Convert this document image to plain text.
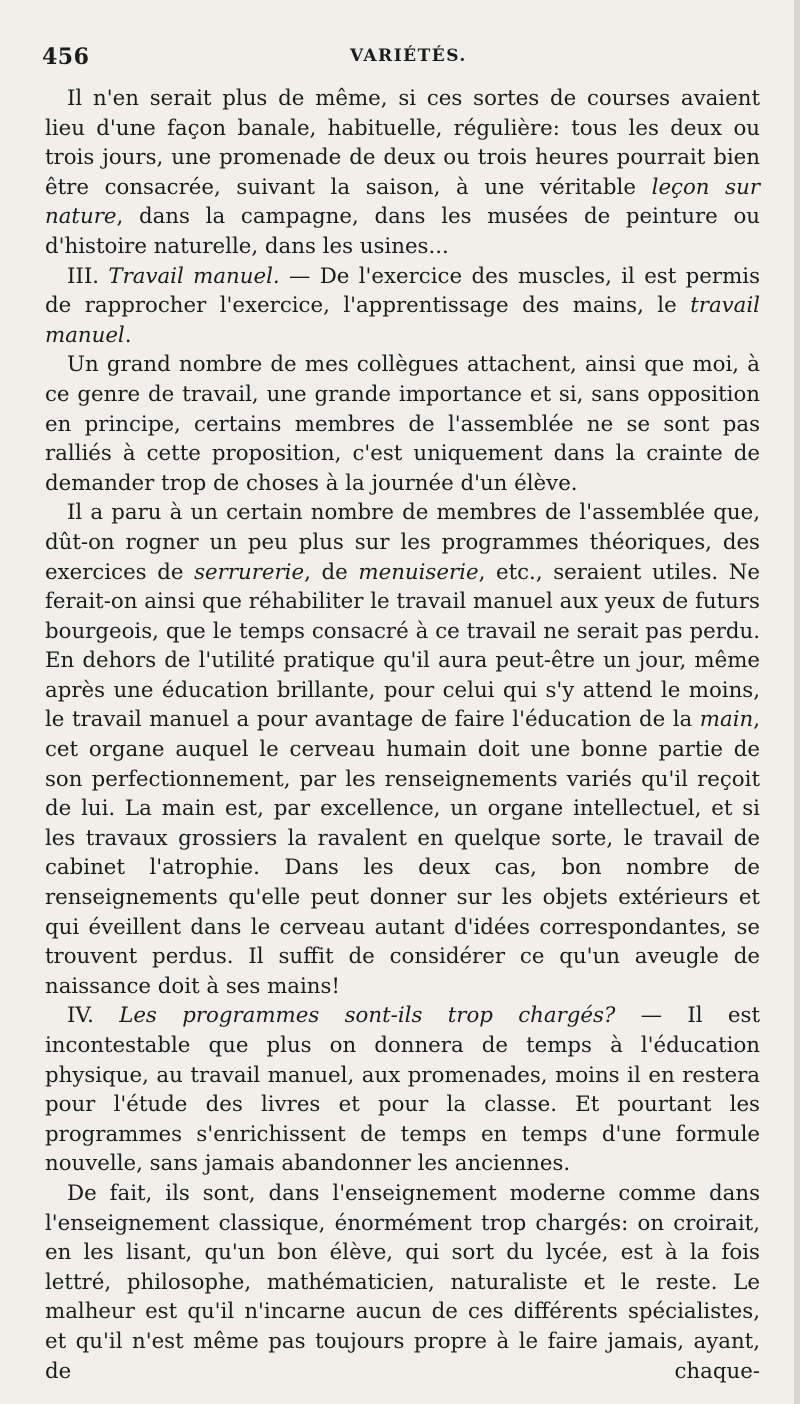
456	VARIÉTÉS.

Il n'en serait plus de même, si ces sortes de courses avaient lieu d'une façon banale, habituelle, régulière: tous les deux ou trois jours, une promenade de deux ou trois heures pourrait bien être consacrée, suivant la saison, à une véritable leçon sur nature, dans la campagne, dans les musées de peinture ou d'histoire naturelle, dans les usines...

III. Travail manuel. — De l'exercice des muscles, il est permis de rapprocher l'exercice, l'apprentissage des mains, le travail manuel.

Un grand nombre de mes collègues attachent, ainsi que moi, à ce genre de travail, une grande importance et si, sans opposition en principe, certains membres de l'assemblée ne se sont pas ralliés à cette proposition, c'est uniquement dans la crainte de demander trop de choses à la journée d'un élève.

Il a paru à un certain nombre de membres de l'assemblée que, dût-on rogner un peu plus sur les programmes théoriques, des exercices de serrurerie, de menuiserie, etc., seraient utiles. Ne ferait-on ainsi que réhabiliter le travail manuel aux yeux de futurs bourgeois, que le temps consacré à ce travail ne serait pas perdu. En dehors de l'utilité pratique qu'il aura peut-être un jour, même après une éducation brillante, pour celui qui s'y attend le moins, le travail manuel a pour avantage de faire l'éducation de la main, cet organe auquel le cerveau humain doit une bonne partie de son perfectionnement, par les renseignements variés qu'il reçoit de lui. La main est, par excellence, un organe intellectuel, et si les travaux grossiers la ravalent en quelque sorte, le travail de cabinet l'atrophie. Dans les deux cas, bon nombre de renseignements qu'elle peut donner sur les objets extérieurs et qui éveillent dans le cerveau autant d'idées correspondantes, se trouvent perdus. Il suffit de considérer ce qu'un aveugle de naissance doit à ses mains!

IV. Les programmes sont-ils trop chargés? — Il est incontestable que plus on donnera de temps à l'éducation physique, au travail manuel, aux promenades, moins il en restera pour l'étude des livres et pour la classe. Et pourtant les programmes s'enrichissent de temps en temps d'une formule nouvelle, sans jamais abandonner les anciennes.

De fait, ils sont, dans l'enseignement moderne comme dans l'enseignement classique, énormément trop chargés: on croirait, en les lisant, qu'un bon élève, qui sort du lycée, est à la fois lettré, philosophe, mathématicien, naturaliste et le reste. Le malheur est qu'il n'incarne aucun de ces différents spécialistes, et qu'il n'est même pas toujours propre à le faire jamais, ayant, de chaque-
